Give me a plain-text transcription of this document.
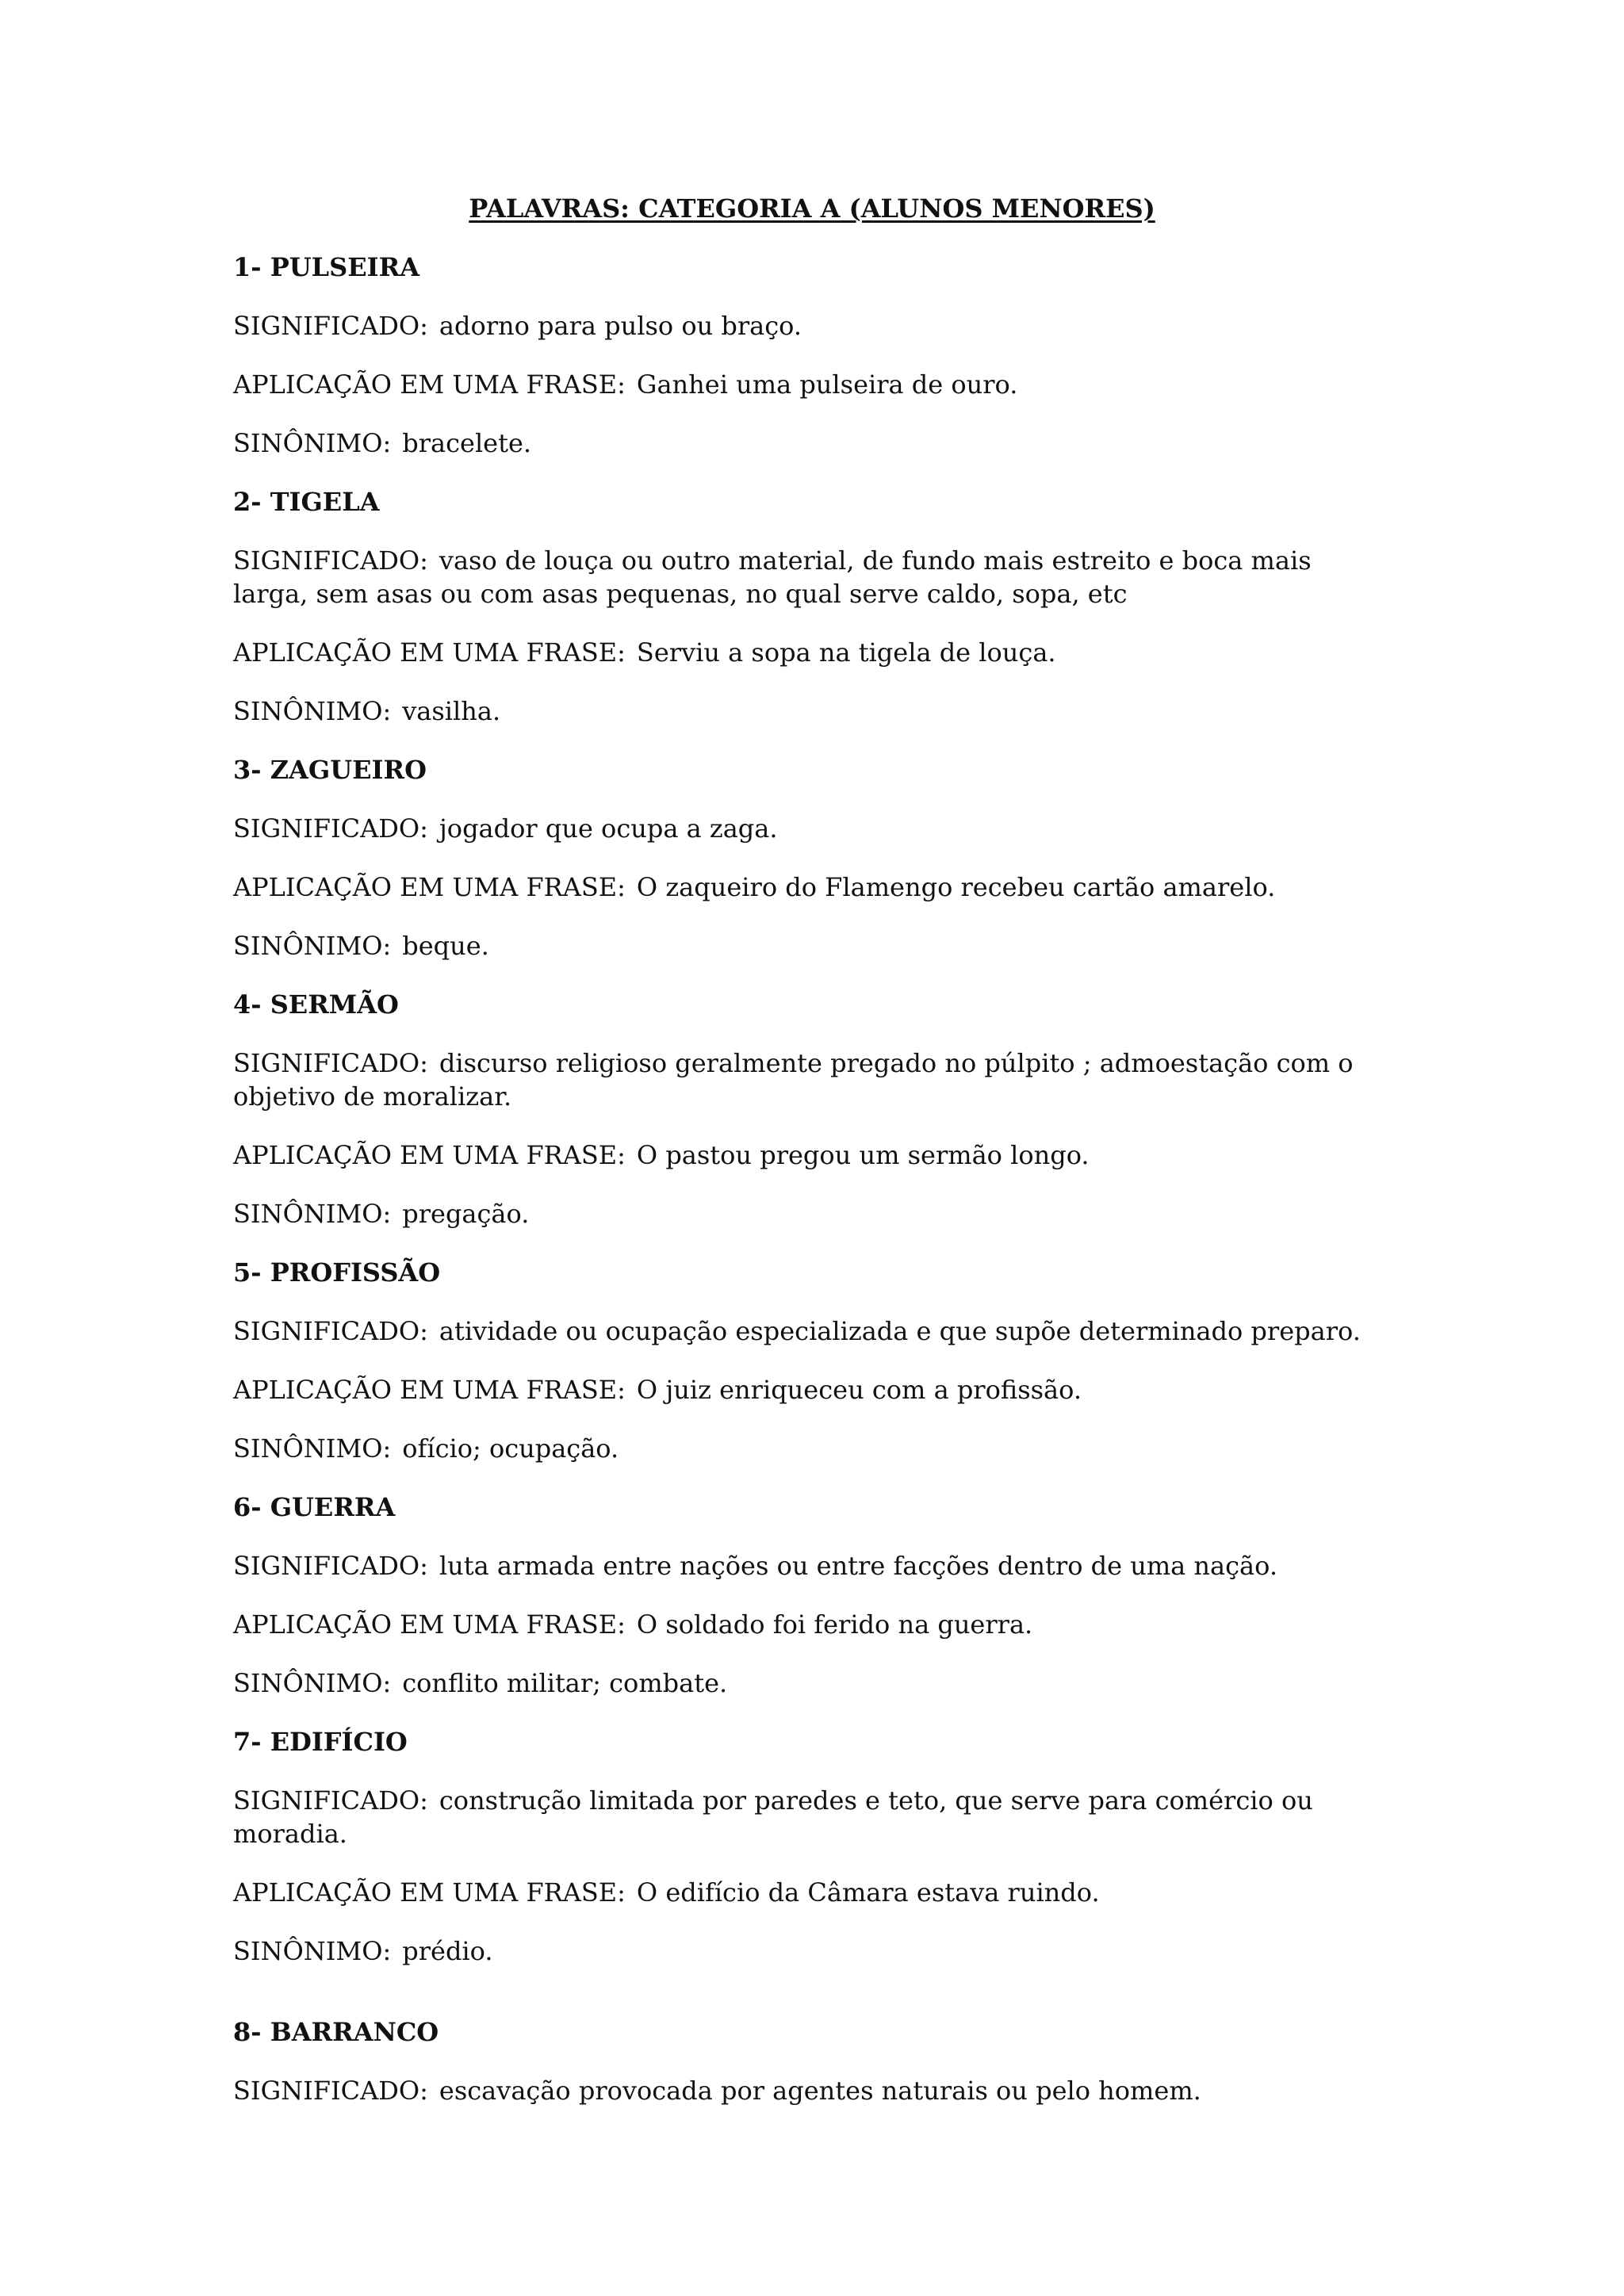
PALAVRAS: CATEGORIA A (ALUNOS MENORES)
1- PULSEIRA
SIGNIFICADO: adorno para pulso ou braço.
APLICAÇÃO EM UMA FRASE: Ganhei uma pulseira de ouro.
SINÔNIMO: bracelete.
2- TIGELA
SIGNIFICADO: vaso de louça ou outro material, de fundo mais estreito e boca mais larga, sem asas ou com asas pequenas, no qual serve caldo, sopa, etc
APLICAÇÃO EM UMA FRASE: Serviu a sopa na tigela de louça.
SINÔNIMO: vasilha.
3- ZAGUEIRO
SIGNIFICADO: jogador que ocupa a zaga.
APLICAÇÃO EM UMA FRASE: O zaqueiro do Flamengo recebeu cartão amarelo.
SINÔNIMO: beque.
4- SERMÃO
SIGNIFICADO: discurso religioso geralmente pregado no púlpito ; admoestação com o objetivo de moralizar.
APLICAÇÃO EM UMA FRASE: O pastou pregou um sermão longo.
SINÔNIMO: pregação.
5- PROFISSÃO
SIGNIFICADO: atividade ou ocupação especializada e que supõe determinado preparo.
APLICAÇÃO EM UMA FRASE: O juiz enriqueceu com a profissão.
SINÔNIMO: ofício; ocupação.
6- GUERRA
SIGNIFICADO: luta armada entre nações ou entre facções dentro de uma nação.
APLICAÇÃO EM UMA FRASE: O soldado foi ferido na guerra.
SINÔNIMO: conflito militar; combate.
7- EDIFÍCIO
SIGNIFICADO: construção limitada por paredes e teto, que serve para comércio ou moradia.
APLICAÇÃO EM UMA FRASE: O edifício da Câmara estava ruindo.
SINÔNIMO: prédio.
8- BARRANCO
SIGNIFICADO: escavação provocada por agentes naturais ou pelo homem.
